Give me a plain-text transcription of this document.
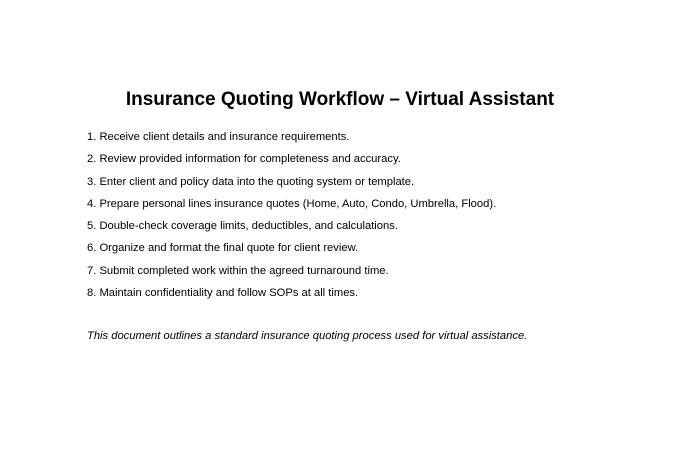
Insurance Quoting Workflow – Virtual Assistant
1. Receive client details and insurance requirements.
2. Review provided information for completeness and accuracy.
3. Enter client and policy data into the quoting system or template.
4. Prepare personal lines insurance quotes (Home, Auto, Condo, Umbrella, Flood).
5. Double-check coverage limits, deductibles, and calculations.
6. Organize and format the final quote for client review.
7. Submit completed work within the agreed turnaround time.
8. Maintain confidentiality and follow SOPs at all times.
This document outlines a standard insurance quoting process used for virtual assistance.
